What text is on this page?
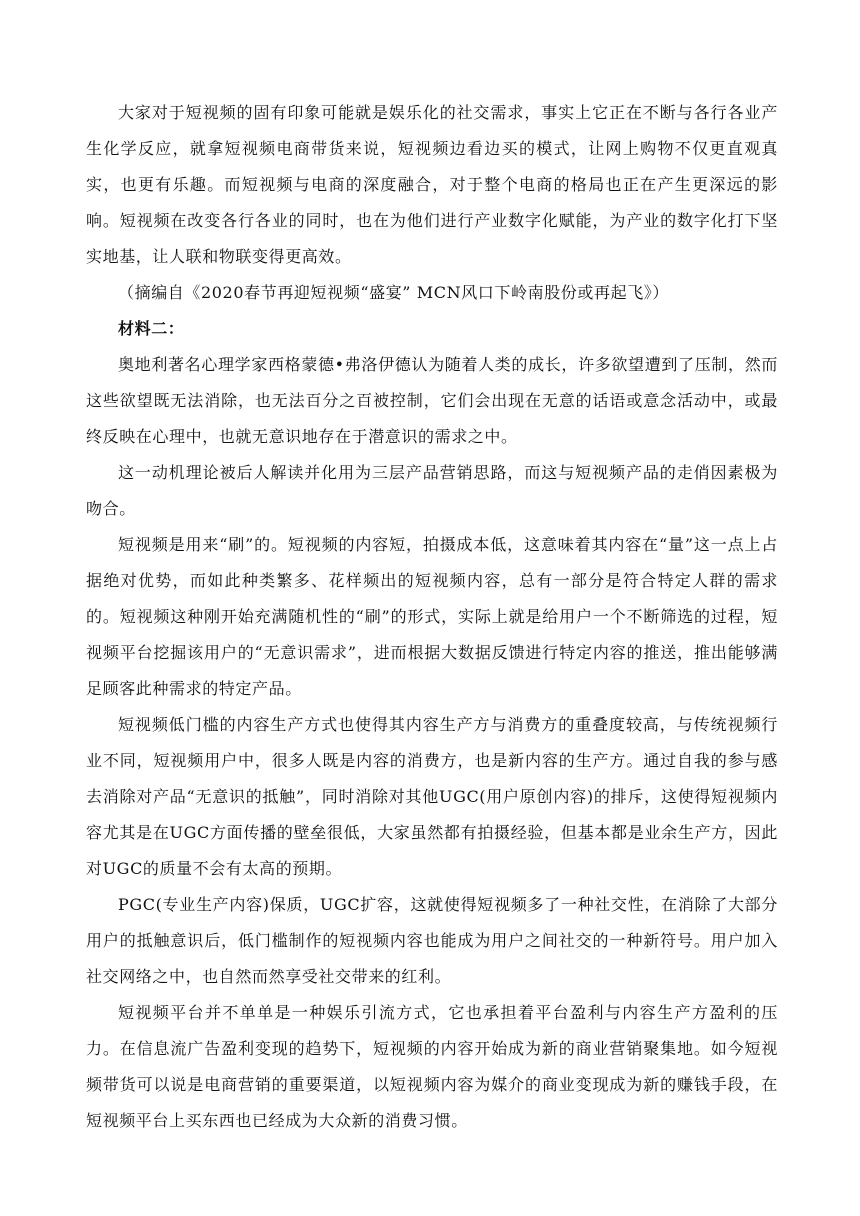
大家对于短视频的固有印象可能就是娱乐化的社交需求，事实上它正在不断与各行各业产生化学反应，就拿短视频电商带货来说，短视频边看边买的模式，让网上购物不仅更直观真实，也更有乐趣。而短视频与电商的深度融合，对于整个电商的格局也正在产生更深远的影响。短视频在改变各行各业的同时，也在为他们进行产业数字化赋能，为产业的数字化打下坚实地基，让人联和物联变得更高效。

（摘编自《2020春节再迎短视频“盛宴” MCN风口下岭南股份或再起飞》）

材料二：

奥地利著名心理学家西格蒙德•弗洛伊德认为随着人类的成长，许多欲望遭到了压制，然而这些欲望既无法消除，也无法百分之百被控制，它们会出现在无意的话语或意念活动中，或最终反映在心理中，也就无意识地存在于潜意识的需求之中。

这一动机理论被后人解读并化用为三层产品营销思路，而这与短视频产品的走俏因素极为吻合。

短视频是用来“刷”的。短视频的内容短，拍摄成本低，这意味着其内容在“量”这一点上占据绝对优势，而如此种类繁多、花样频出的短视频内容，总有一部分是符合特定人群的需求的。短视频这种刚开始充满随机性的“刷”的形式，实际上就是给用户一个不断筛选的过程，短视频平台挖掘该用户的“无意识需求”，进而根据大数据反馈进行特定内容的推送，推出能够满足顾客此种需求的特定产品。

短视频低门槛的内容生产方式也使得其内容生产方与消费方的重叠度较高，与传统视频行业不同，短视频用户中，很多人既是内容的消费方，也是新内容的生产方。通过自我的参与感去消除对产品“无意识的抵触”，同时消除对其他UGC(用户原创内容)的排斥，这使得短视频内容尤其是在UGC方面传播的壁垒很低，大家虽然都有拍摄经验，但基本都是业余生产方，因此对UGC的质量不会有太高的预期。

PGC(专业生产内容)保质，UGC扩容，这就使得短视频多了一种社交性，在消除了大部分用户的抵触意识后，低门槛制作的短视频内容也能成为用户之间社交的一种新符号。用户加入社交网络之中，也自然而然享受社交带来的红利。

短视频平台并不单单是一种娱乐引流方式，它也承担着平台盈利与内容生产方盈利的压力。在信息流广告盈利变现的趋势下，短视频的内容开始成为新的商业营销聚集地。如今短视频带货可以说是电商营销的重要渠道，以短视频内容为媒介的商业变现成为新的赚钱手段，在短视频平台上买东西也已经成为大众新的消费习惯。
